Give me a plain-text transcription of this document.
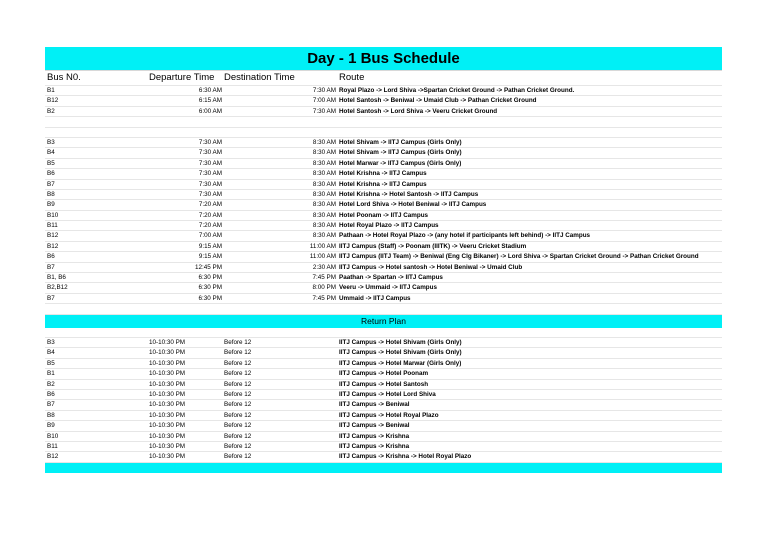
Day - 1 Bus Schedule
Bus N0.	Departure Time	Destination Time	Route
B1	6:30 AM	7:30 AM Royal Plazo -> Lord Shiva ->Spartan Cricket Ground -> Pathan Cricket Ground.
B12	6:15 AM	7:00 AM Hotel Santosh -> Beniwal -> Umaid Club -> Pathan Cricket Ground
B2	6:00 AM	7:30 AM Hotel Santosh -> Lord Shiva -> Veeru Cricket Ground
B3	7:30 AM	8:30 AM Hotel Shivam -> IITJ Campus (Girls Only)
B4	7:30 AM	8:30 AM Hotel Shivam -> IITJ Campus (Girls Only)
B5	7:30 AM	8:30 AM Hotel Marwar -> IITJ Campus (Girls Only)
B6	7:30 AM	8:30 AM Hotel Krishna -> IITJ Campus
B7	7:30 AM	8:30 AM Hotel Krishna -> IITJ Campus
B8	7:30 AM	8:30 AM Hotel Krishna -> Hotel Santosh -> IITJ Campus
B9	7:20 AM	8:30 AM Hotel Lord Shiva -> Hotel Beniwal -> IITJ Campus
B10	7:20 AM	8:30 AM Hotel Poonam -> IITJ Campus
B11	7:20 AM	8:30 AM Hotel Royal Plazo -> IITJ Campus
B12	7:00 AM	8:30 AM Pathaan -> Hotel Royal Plazo -> (any hotel if participants left behind) -> IITJ Campus
B12	9:15 AM	11:00 AM IITJ Campus (Staff) -> Poonam (IIITK) -> Veeru Cricket Stadium
B6	9:15 AM	11:00 AM IITJ Campus (IITJ Team) -> Beniwal (Eng Clg Bikaner) -> Lord Shiva -> Spartan Cricket Ground -> Pathan Cricket Ground
B7	12:45 PM	2:30 AM IITJ Campus -> Hotel santosh -> Hotel Beniwal -> Umaid Club
B1, B6	6:30 PM	7:45 PM Paathan -> Spartan -> IITJ Campus
B2,B12	6:30 PM	8:00 PM Veeru -> Ummaid -> IITJ Campus
B7	6:30 PM	7:45 PM Ummaid -> IITJ Campus
Return Plan
B3	10-10:30 PM	Before 12	IITJ Campus -> Hotel Shivam (Girls Only)
B4	10-10:30 PM	Before 12	IITJ Campus -> Hotel Shivam (Girls Only)
B5	10-10:30 PM	Before 12	IITJ Campus -> Hotel Marwar (Girls Only)
B1	10-10:30 PM	Before 12	IITJ Campus -> Hotel Poonam
B2	10-10:30 PM	Before 12	IITJ Campus -> Hotel Santosh
B6	10-10:30 PM	Before 12	IITJ Campus -> Hotel Lord Shiva
B7	10-10:30 PM	Before 12	IITJ Campus -> Beniwal
B8	10-10:30 PM	Before 12	IITJ Campus -> Hotel Royal Plazo
B9	10-10:30 PM	Before 12	IITJ Campus -> Beniwal
B10	10-10:30 PM	Before 12	IITJ Campus -> Krishna
B11	10-10:30 PM	Before 12	IITJ Campus -> Krishna
B12	10-10:30 PM	Before 12	IITJ Campus -> Krishna -> Hotel Royal Plazo
